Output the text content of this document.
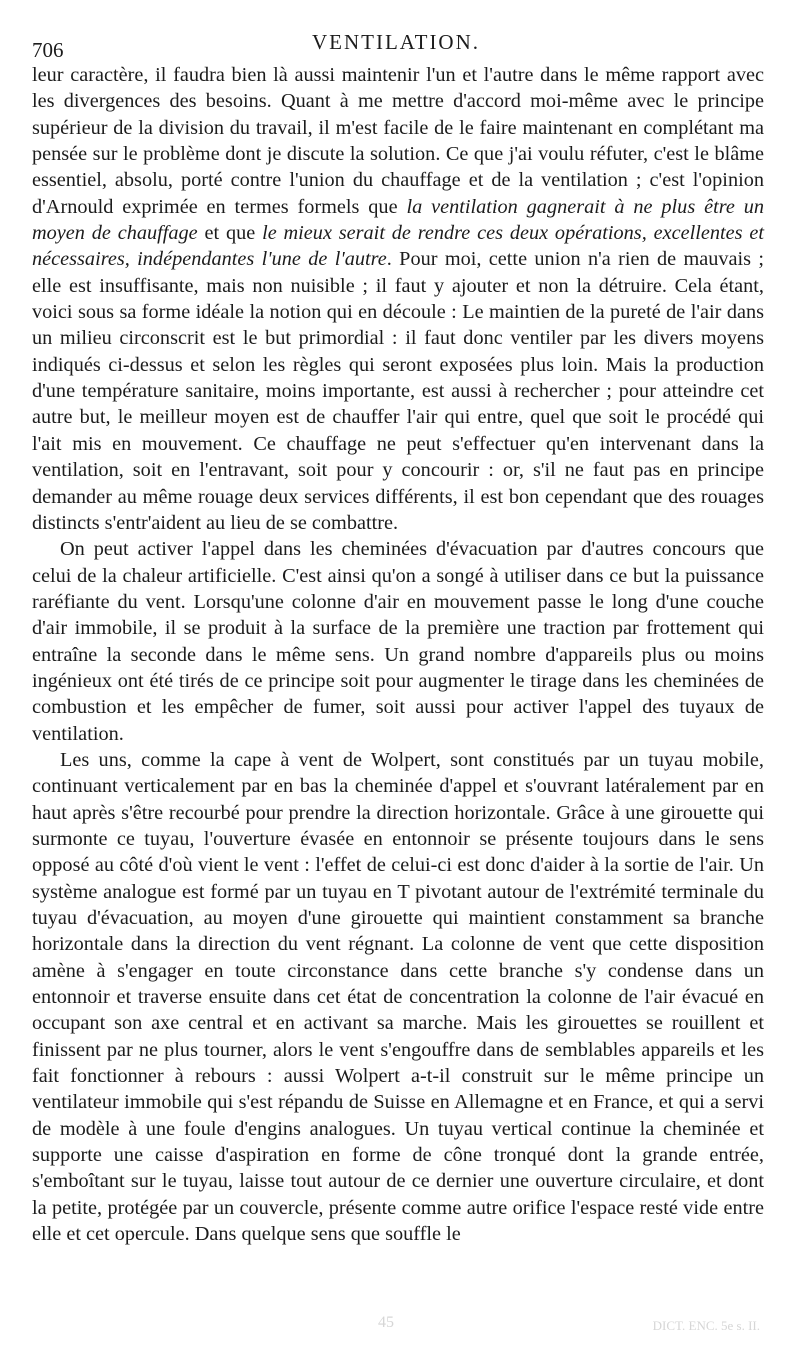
706	VENTILATION.

leur caractère, il faudra bien là aussi maintenir l'un et l'autre dans le même rapport avec les divergences des besoins. Quant à me mettre d'accord moi-même avec le principe supérieur de la division du travail, il m'est facile de le faire maintenant en complétant ma pensée sur le problème dont je discute la solution. Ce que j'ai voulu réfuter, c'est le blâme essentiel, absolu, porté contre l'union du chauffage et de la ventilation ; c'est l'opinion d'Arnould exprimée en termes formels que la ventilation gagnerait à ne plus être un moyen de chauffage et que le mieux serait de rendre ces deux opérations, excellentes et nécessaires, indépendantes l'une de l'autre. Pour moi, cette union n'a rien de mauvais ; elle est insuffisante, mais non nuisible ; il faut y ajouter et non la détruire. Cela étant, voici sous sa forme idéale la notion qui en découle : Le maintien de la pureté de l'air dans un milieu circonscrit est le but primordial : il faut donc ventiler par les divers moyens indiqués ci-dessus et selon les règles qui seront exposées plus loin. Mais la production d'une température sanitaire, moins importante, est aussi à rechercher ; pour atteindre cet autre but, le meilleur moyen est de chauffer l'air qui entre, quel que soit le procédé qui l'ait mis en mouvement. Ce chauffage ne peut s'effectuer qu'en intervenant dans la ventilation, soit en l'entravant, soit pour y concourir : or, s'il ne faut pas en principe demander au même rouage deux services différents, il est bon cependant que des rouages distincts s'entr'aident au lieu de se combattre.

On peut activer l'appel dans les cheminées d'évacuation par d'autres concours que celui de la chaleur artificielle. C'est ainsi qu'on a songé à utiliser dans ce but la puissance raréfiante du vent. Lorsqu'une colonne d'air en mouvement passe le long d'une couche d'air immobile, il se produit à la surface de la première une traction par frottement qui entraîne la seconde dans le même sens. Un grand nombre d'appareils plus ou moins ingénieux ont été tirés de ce principe soit pour augmenter le tirage dans les cheminées de combustion et les empêcher de fumer, soit aussi pour activer l'appel des tuyaux de ventilation.

Les uns, comme la cape à vent de Wolpert, sont constitués par un tuyau mobile, continuant verticalement par en bas la cheminée d'appel et s'ouvrant latéralement par en haut après s'être recourbé pour prendre la direction horizontale. Grâce à une girouette qui surmonte ce tuyau, l'ouverture évasée en entonnoir se présente toujours dans le sens opposé au côté d'où vient le vent : l'effet de celui-ci est donc d'aider à la sortie de l'air. Un système analogue est formé par un tuyau en T pivotant autour de l'extrémité terminale du tuyau d'évacuation, au moyen d'une girouette qui maintient constamment sa branche horizontale dans la direction du vent régnant. La colonne de vent que cette disposition amène à s'engager en toute circonstance dans cette branche s'y condense dans un entonnoir et traverse ensuite dans cet état de concentration la colonne de l'air évacué en occupant son axe central et en activant sa marche. Mais les girouettes se rouillent et finissent par ne plus tourner, alors le vent s'engouffre dans de semblables appareils et les fait fonctionner à rebours : aussi Wolpert a-t-il construit sur le même principe un ventilateur immobile qui s'est répandu de Suisse en Allemagne et en France, et qui a servi de modèle à une foule d'engins analogues. Un tuyau vertical continue la cheminée et supporte une caisse d'aspiration en forme de cône tronqué dont la grande entrée, s'emboîtant sur le tuyau, laisse tout autour de ce dernier une ouverture circulaire, et dont la petite, protégée par un couvercle, présente comme autre orifice l'espace resté vide entre elle et cet opercule. Dans quelque sens que souffle le

45	DICT. ENC. 5e s. II.
